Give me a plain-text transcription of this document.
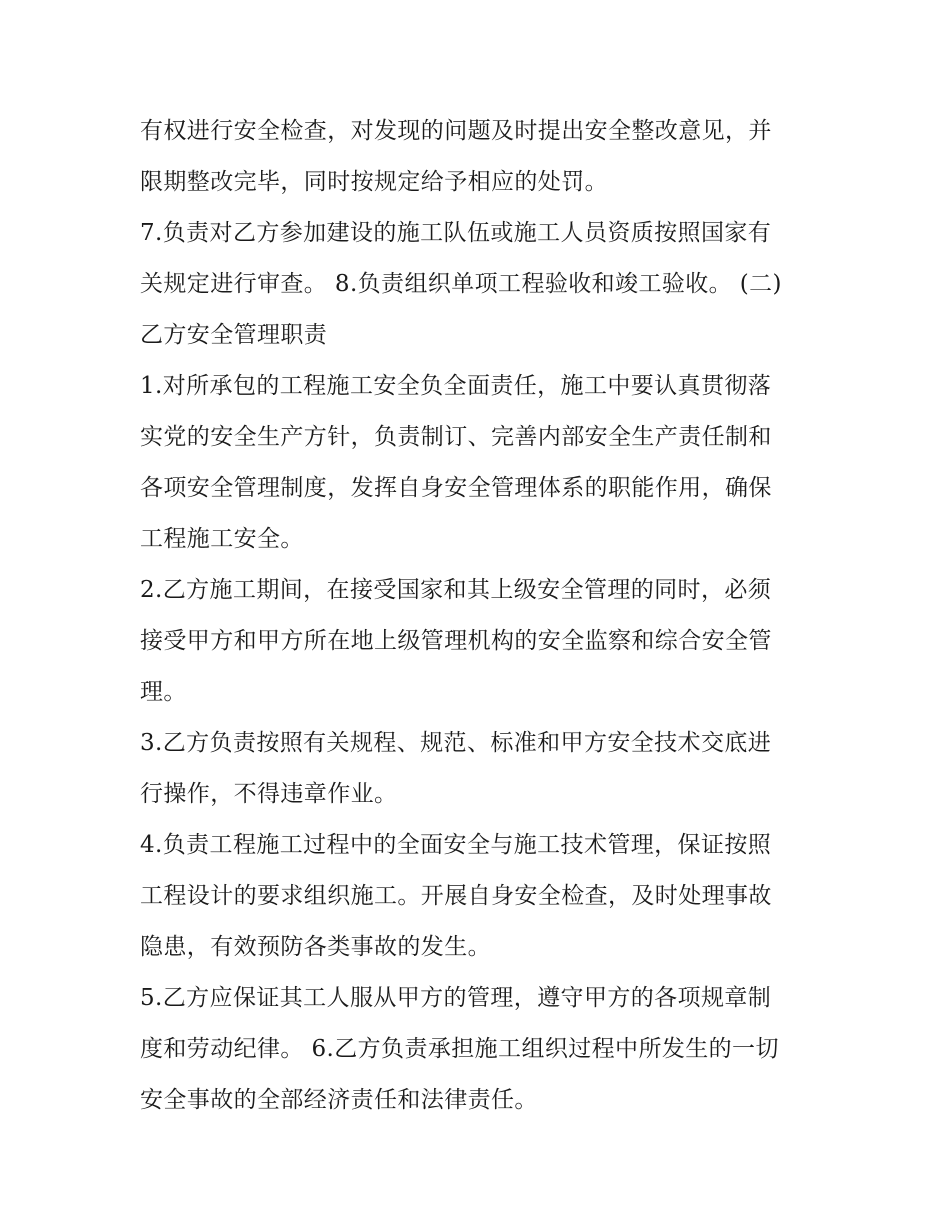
有权进行安全检查，对发现的问题及时提出安全整改意见，并
限期整改完毕，同时按规定给予相应的处罚。
7.负责对乙方参加建设的施工队伍或施工人员资质按照国家有
关规定进行审查。 8.负责组织单项工程验收和竣工验收。 (二)
乙方安全管理职责
1.对所承包的工程施工安全负全面责任，施工中要认真贯彻落
实党的安全生产方针，负责制订、完善内部安全生产责任制和
各项安全管理制度，发挥自身安全管理体系的职能作用，确保
工程施工安全。
2.乙方施工期间，在接受国家和其上级安全管理的同时，必须
接受甲方和甲方所在地上级管理机构的安全监察和综合安全管
理。
3.乙方负责按照有关规程、规范、标准和甲方安全技术交底进
行操作，不得违章作业。
4.负责工程施工过程中的全面安全与施工技术管理，保证按照
工程设计的要求组织施工。开展自身安全检查，及时处理事故
隐患，有效预防各类事故的发生。
5.乙方应保证其工人服从甲方的管理，遵守甲方的各项规章制
度和劳动纪律。 6.乙方负责承担施工组织过程中所发生的一切
安全事故的全部经济责任和法律责任。
